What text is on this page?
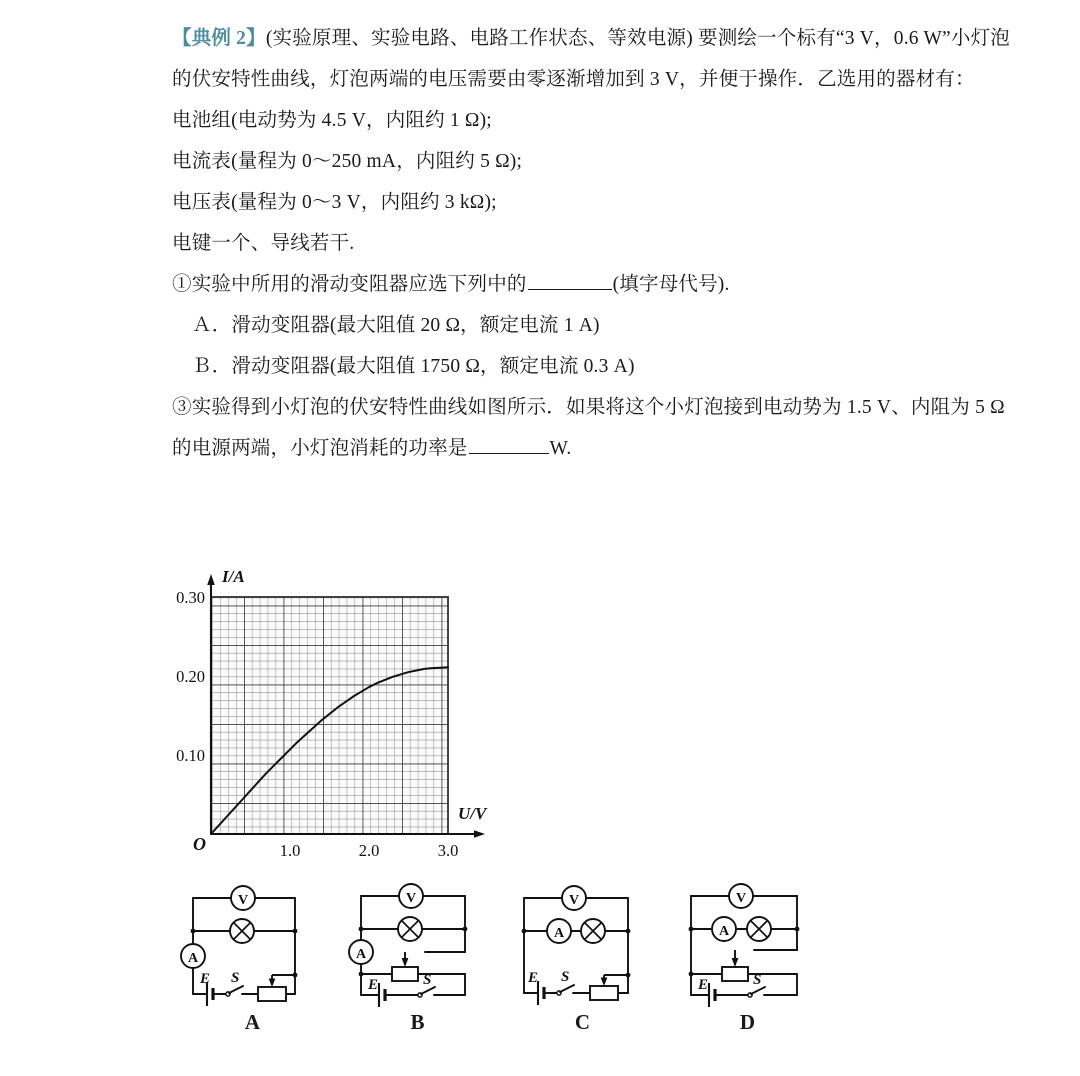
【典例 2】(实验原理、实验电路、电路工作状态、等效电源) 要测绘一个标有“3 V，0.6 W”小灯泡的伏安特性曲线，灯泡两端的电压需要由零逐渐增加到 3 V，并便于操作．乙选用的器材有：
电池组(电动势为 4.5 V，内阻约 1 Ω);
电流表(量程为 0～250 mA，内阻约 5 Ω);
电压表(量程为 0～3 V，内阻约 3 kΩ);
电键一个、导线若干.
①实验中所用的滑动变阻器应选下列中的	(填字母代号).
Ａ．滑动变阻器(最大阻值 20 Ω，额定电流 1 A)
Ｂ．滑动变阻器(最大阻值 1750 Ω，额定电流 0.3 A)
③实验得到小灯泡的伏安特性曲线如图所示．如果将这个小灯泡接到电动势为 1.5 V、内阻为 5 Ω的电源两端，小灯泡消耗的功率是	W.
I/A
U/V
O
0.30
0.20
0.10
1.0	2.0	3.0
V
A
E S
A
V
A
E	S
B
V
A
E S
C
V
A
E	S
D
